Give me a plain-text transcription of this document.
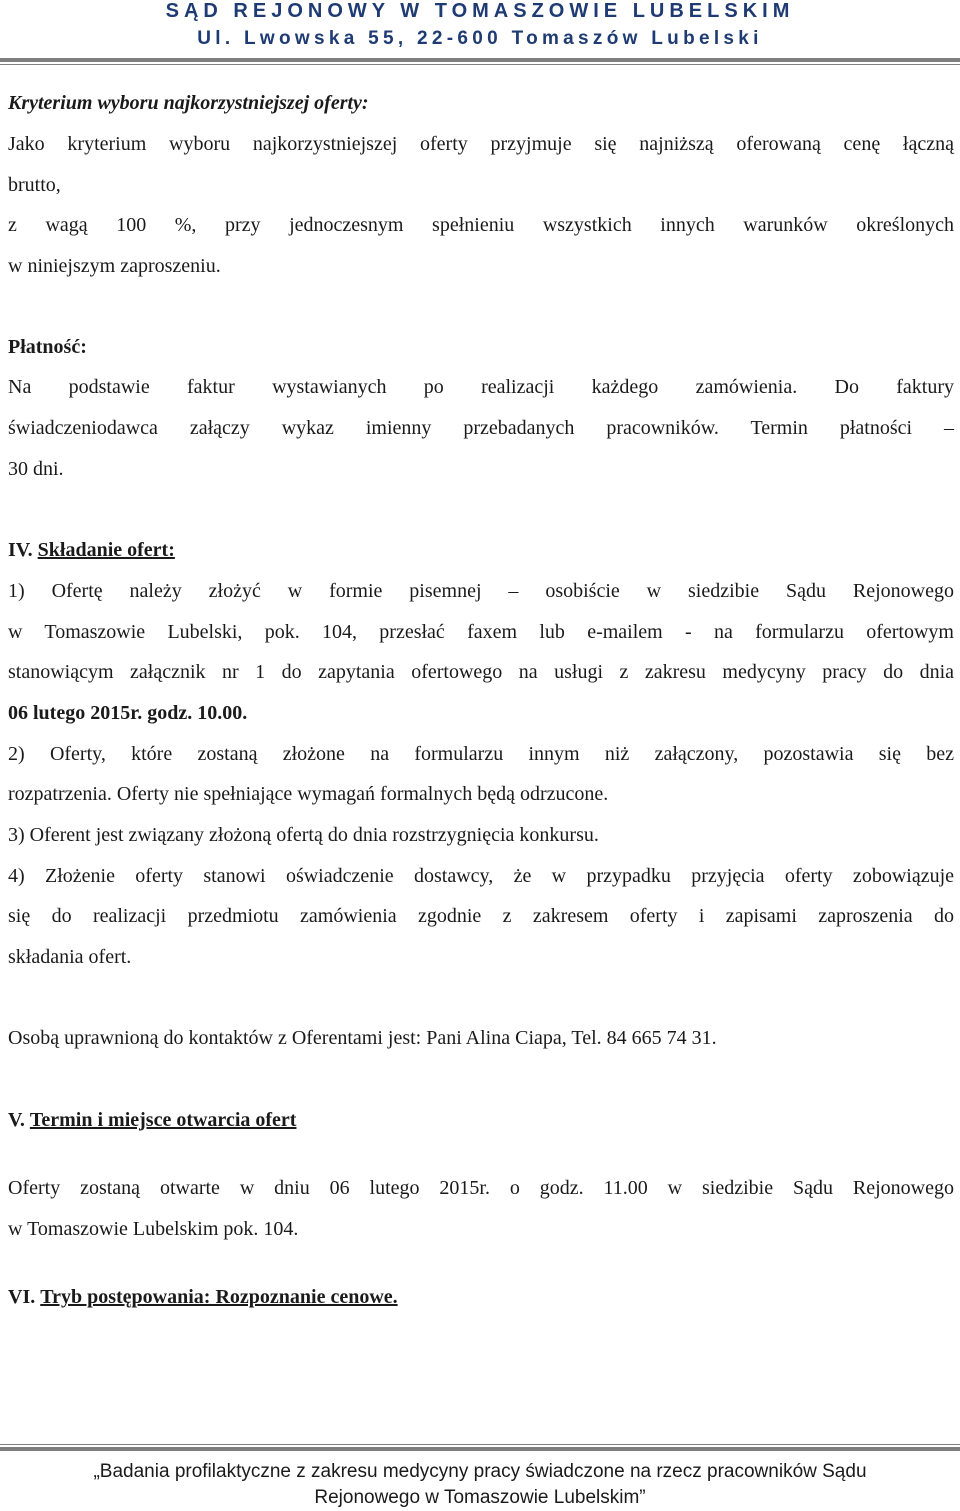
SĄD REJONOWY W TOMASZOWIE LUBELSKIM
Ul. Lwowska 55, 22-600 Tomaszów Lubelski
Kryterium wyboru najkorzystniejszej oferty:
Jako kryterium wyboru najkorzystniejszej oferty przyjmuje się najniższą oferowaną cenę łączną
brutto,
z wagą 100 %, przy jednoczesnym spełnieniu wszystkich innych warunków określonych
w niniejszym zaproszeniu.
Płatność:
Na podstawie faktur wystawianych po realizacji każdego zamówienia. Do faktury
świadczeniodawca załączy wykaz imienny przebadanych pracowników. Termin płatności –
30 dni.
IV. Składanie ofert:
1) Ofertę należy złożyć w formie pisemnej – osobiście w siedzibie Sądu Rejonowego
w Tomaszowie Lubelski, pok. 104, przesłać faxem lub e-mailem - na formularzu ofertowym
stanowiącym załącznik nr 1 do zapytania ofertowego na usługi z zakresu medycyny pracy do dnia
06 lutego 2015r. godz. 10.00.
2) Oferty, które zostaną złożone na formularzu innym niż załączony, pozostawia się bez
rozpatrzenia. Oferty nie spełniające wymagań formalnych będą odrzucone.
3) Oferent jest związany złożoną ofertą do dnia rozstrzygnięcia konkursu.
4) Złożenie oferty stanowi oświadczenie dostawcy, że w przypadku przyjęcia oferty zobowiązuje
się do realizacji przedmiotu zamówienia zgodnie z zakresem oferty i zapisami zaproszenia do
składania ofert.
Osobą uprawnioną do kontaktów z Oferentami jest: Pani Alina Ciapa, Tel. 84 665 74 31.
V. Termin i miejsce otwarcia ofert
Oferty zostaną otwarte w dniu 06 lutego 2015r. o godz. 11.00 w siedzibie Sądu Rejonowego
w Tomaszowie Lubelskim pok. 104.
VI. Tryb postępowania: Rozpoznanie cenowe.
„Badania profilaktyczne z zakresu medycyny pracy świadczone na rzecz pracowników Sądu
Rejonowego w Tomaszowie Lubelskim”
